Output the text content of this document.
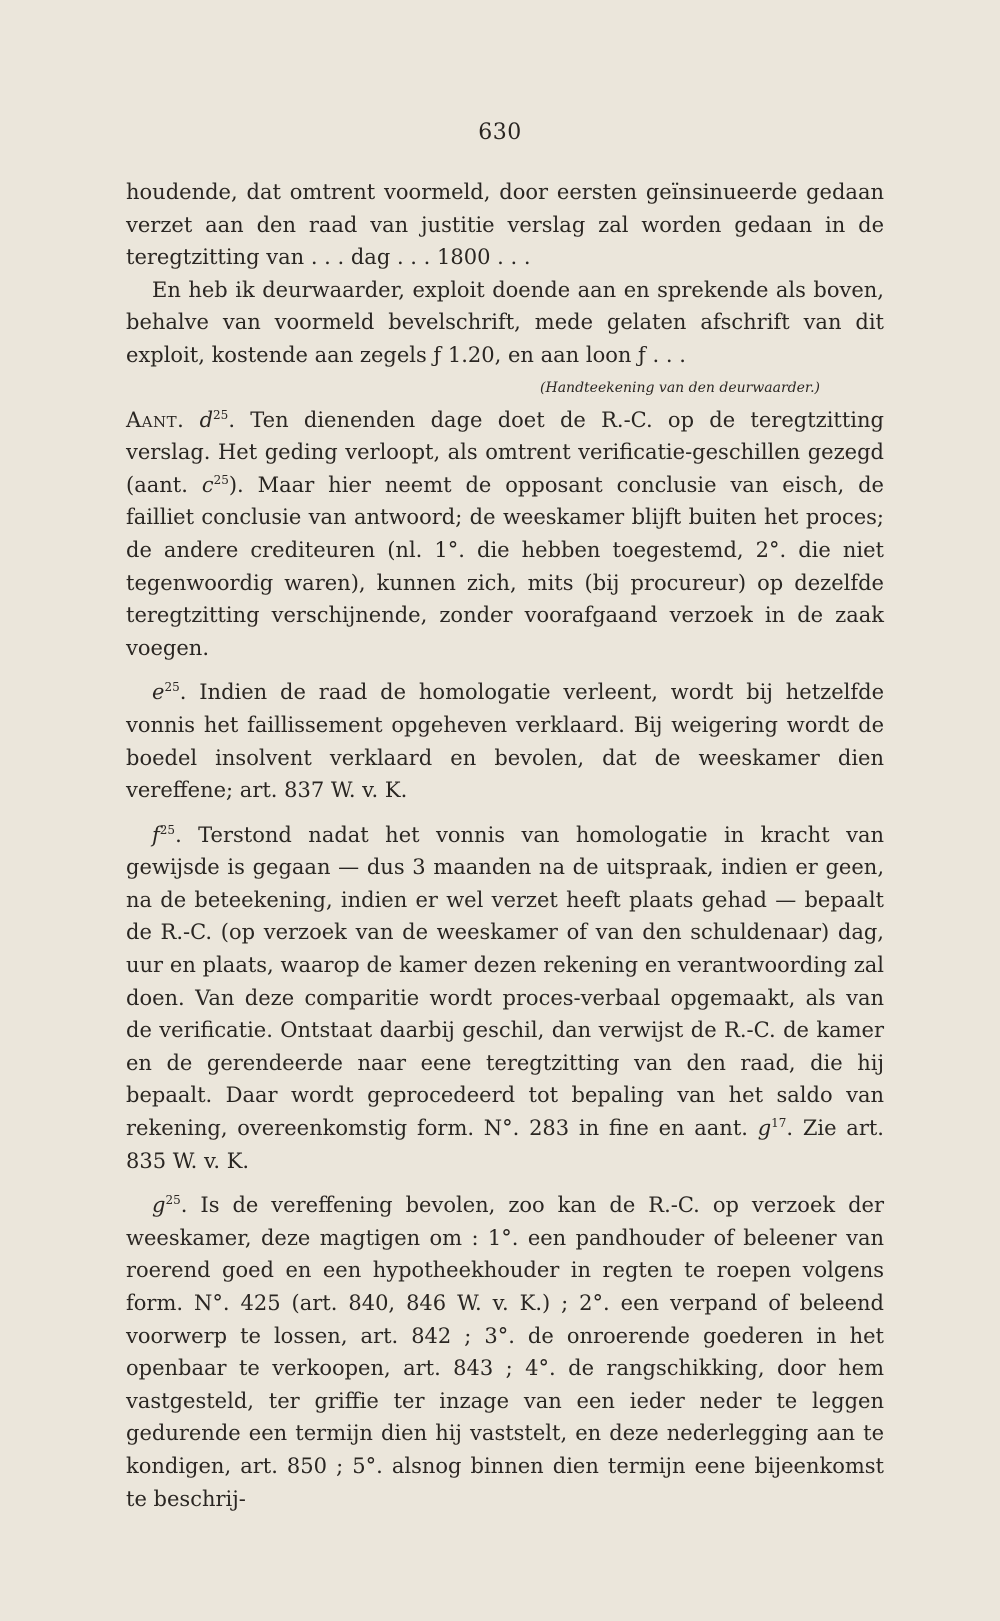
630

houdende, dat omtrent voormeld, door eersten geïnsinueerde gedaan verzet aan den raad van justitie verslag zal worden gedaan in de teregtzitting van . . . dag . . . 1800 . . .

En heb ik deurwaarder, exploit doende aan en sprekende als boven, behalve van voormeld bevelschrift, mede gelaten afschrift van dit exploit, kostende aan zegels ƒ 1.20, en aan loon ƒ . . .

(Handteekening van den deurwaarder.)

Aant. $d^{25}$. Ten dienenden dage doet de R.-C. op de teregtzitting verslag. Het geding verloopt, als omtrent verificatie-geschillen gezegd (aant. $c^{25}$). Maar hier neemt de opposant conclusie van eisch, de failliet conclusie van antwoord; de weeskamer blijft buiten het proces; de andere crediteuren (nl. 1°. die hebben toegestemd, 2°. die niet tegenwoordig waren), kunnen zich, mits (bij procureur) op dezelfde teregtzitting verschijnende, zonder voorafgaand verzoek in de zaak voegen.

$e^{25}$. Indien de raad de homologatie verleent, wordt bij hetzelfde vonnis het faillissement opgeheven verklaard. Bij weigering wordt de boedel insolvent verklaard en bevolen, dat de weeskamer dien vereffene; art. 837 W. v. K.

$f^{25}$. Terstond nadat het vonnis van homologatie in kracht van gewijsde is gegaan — dus 3 maanden na de uitspraak, indien er geen, na de beteekening, indien er wel verzet heeft plaats gehad — bepaalt de R.-C. (op verzoek van de weeskamer of van den schuldenaar) dag, uur en plaats, waarop de kamer dezen rekening en verantwoording zal doen. Van deze comparitie wordt proces-verbaal opgemaakt, als van de verificatie. Ontstaat daarbij geschil, dan verwijst de R.-C. de kamer en de gerendeerde naar eene teregtzitting van den raad, die hij bepaalt. Daar wordt geprocedeerd tot bepaling van het saldo van rekening, overeenkomstig form. N°. 283 in fine en aant. $g^{17}$. Zie art. 835 W. v. K.

$g^{25}$. Is de vereffening bevolen, zoo kan de R.-C. op verzoek der weeskamer, deze magtigen om : 1°. een pandhouder of beleener van roerend goed en een hypotheekhouder in regten te roepen volgens form. N°. 425 (art. 840, 846 W. v. K.) ; 2°. een verpand of beleend voorwerp te lossen, art. 842 ; 3°. de onroerende goederen in het openbaar te verkoopen, art. 843 ; 4°. de rangschikking, door hem vastgesteld, ter griffie ter inzage van een ieder neder te leggen gedurende een termijn dien hij vaststelt, en deze nederlegging aan te kondigen, art. 850 ; 5°. alsnog binnen dien termijn eene bijeenkomst te beschrij-
